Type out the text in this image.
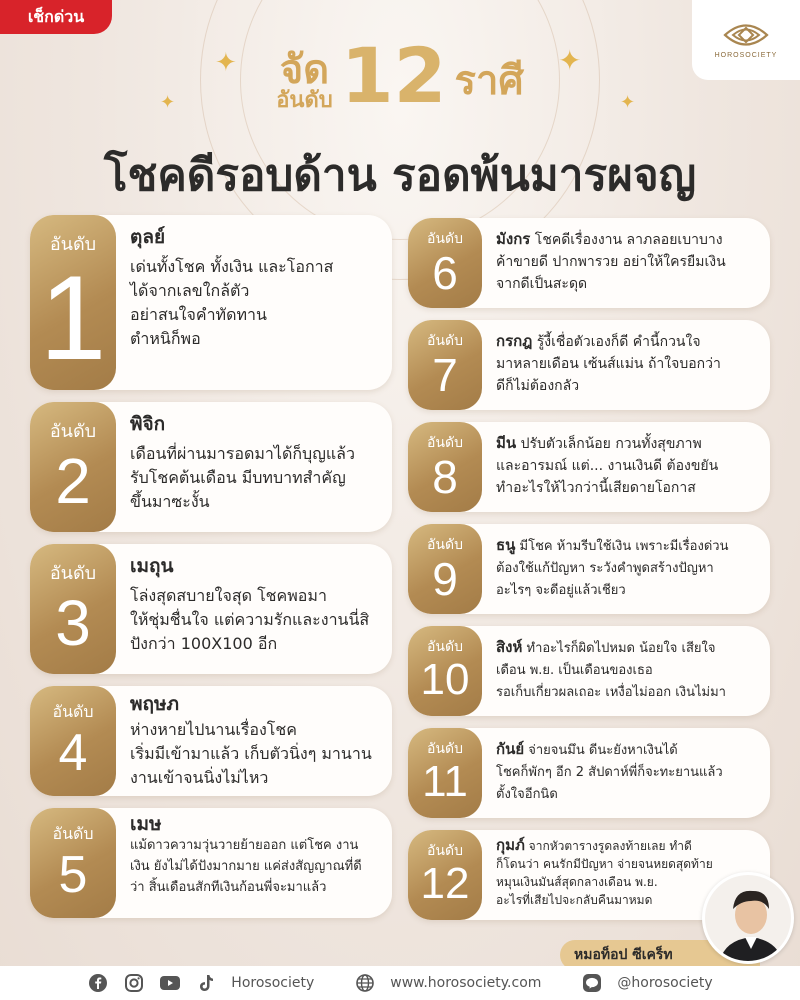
เช็กด่วน
HOROSOCIETY
✦
✦
✦
✦
จัด
อันดับ 12 ราศี
โชคดีรอบด้าน รอดพ้นมารผจญ
อันดับ
1
ตุลย์
เด่นทั้งโชค ทั้งเงิน และโอกาส
ได้จากเลขใกล้ตัว
อย่าสนใจคำทัดทาน
ตำหนิก็พอ
อันดับ
2
พิจิก
เดือนที่ผ่านมารอดมาได้ก็บุญแล้ว
รับโชคต้นเดือน มีบทบาทสำคัญ
ขึ้นมาซะงั้น
อันดับ
3
เมถุน
โล่งสุดสบายใจสุด โชคพอมา
ให้ชุ่มชื่นใจ แต่ความรักและงานนี่สิ
ปังกว่า 100X100 อีก
อันดับ
4
พฤษภ
ห่างหายไปนานเรื่องโชค
เริ่มมีเข้ามาแล้ว เก็บตัวนิ่งๆ มานาน
งานเข้าจนนิ่งไม่ไหว
อันดับ
5
เมษ
แม้ดาวความวุ่นวายย้ายออก แต่โชค งาน
เงิน ยังไม่ได้ปังมากมาย แค่ส่งสัญญาณที่ดี
ว่า สิ้นเดือนสักทีเงินก้อนพี่จะมาแล้ว
อันดับ
6
มังกร โชคดีเรื่องงาน ลาภลอยเบาบาง
ค้าขายดี ปากพารวย อย่าให้ใครยืมเงิน
จากดีเป็นสะดุด
อันดับ
7
กรกฎ รู้งี้เชื่อตัวเองก็ดี คำนี้กวนใจ
มาหลายเดือน เซ้นส์แม่น ถ้าใจบอกว่า
ดีก็ไม่ต้องกลัว
อันดับ
8
มีน ปรับตัวเล็กน้อย กวนทั้งสุขภาพ
และอารมณ์ แต่... งานเงินดี ต้องขยัน
ทำอะไรให้ไวกว่านี้เสียดายโอกาส
อันดับ
9
ธนู มีโชค ห้ามรีบใช้เงิน เพราะมีเรื่องด่วน
ต้องใช้แก้ปัญหา ระวังคำพูดสร้างปัญหา
อะไรๆ จะดีอยู่แล้วเชียว
อันดับ
10
สิงห์ ทำอะไรก็ผิดไปหมด น้อยใจ เสียใจ
เดือน พ.ย. เป็นเดือนของเธอ
รอเก็บเกี่ยวผลเถอะ เหงื่อไม่ออก เงินไม่มา
อันดับ
11
กันย์ จ่ายจนมึน ดีนะยังหาเงินได้
โชคก็พักๆ อีก 2 สัปดาห์พี่ก็จะทะยานแล้ว
ตั้งใจอีกนิด
อันดับ
12
กุมภ์ จากหัวตารางรูดลงท้ายเลย ทำดี
ก็โดนว่า คนรักมีปัญหา จ่ายจนหยดสุดท้าย
หมุนเงินมันส์สุดกลางเดือน พ.ย.
อะไรที่เสียไปจะกลับคืนมาหมด
หมอท็อป ซีเคร็ท
Horosociety	www.horosociety.com	@horosociety
